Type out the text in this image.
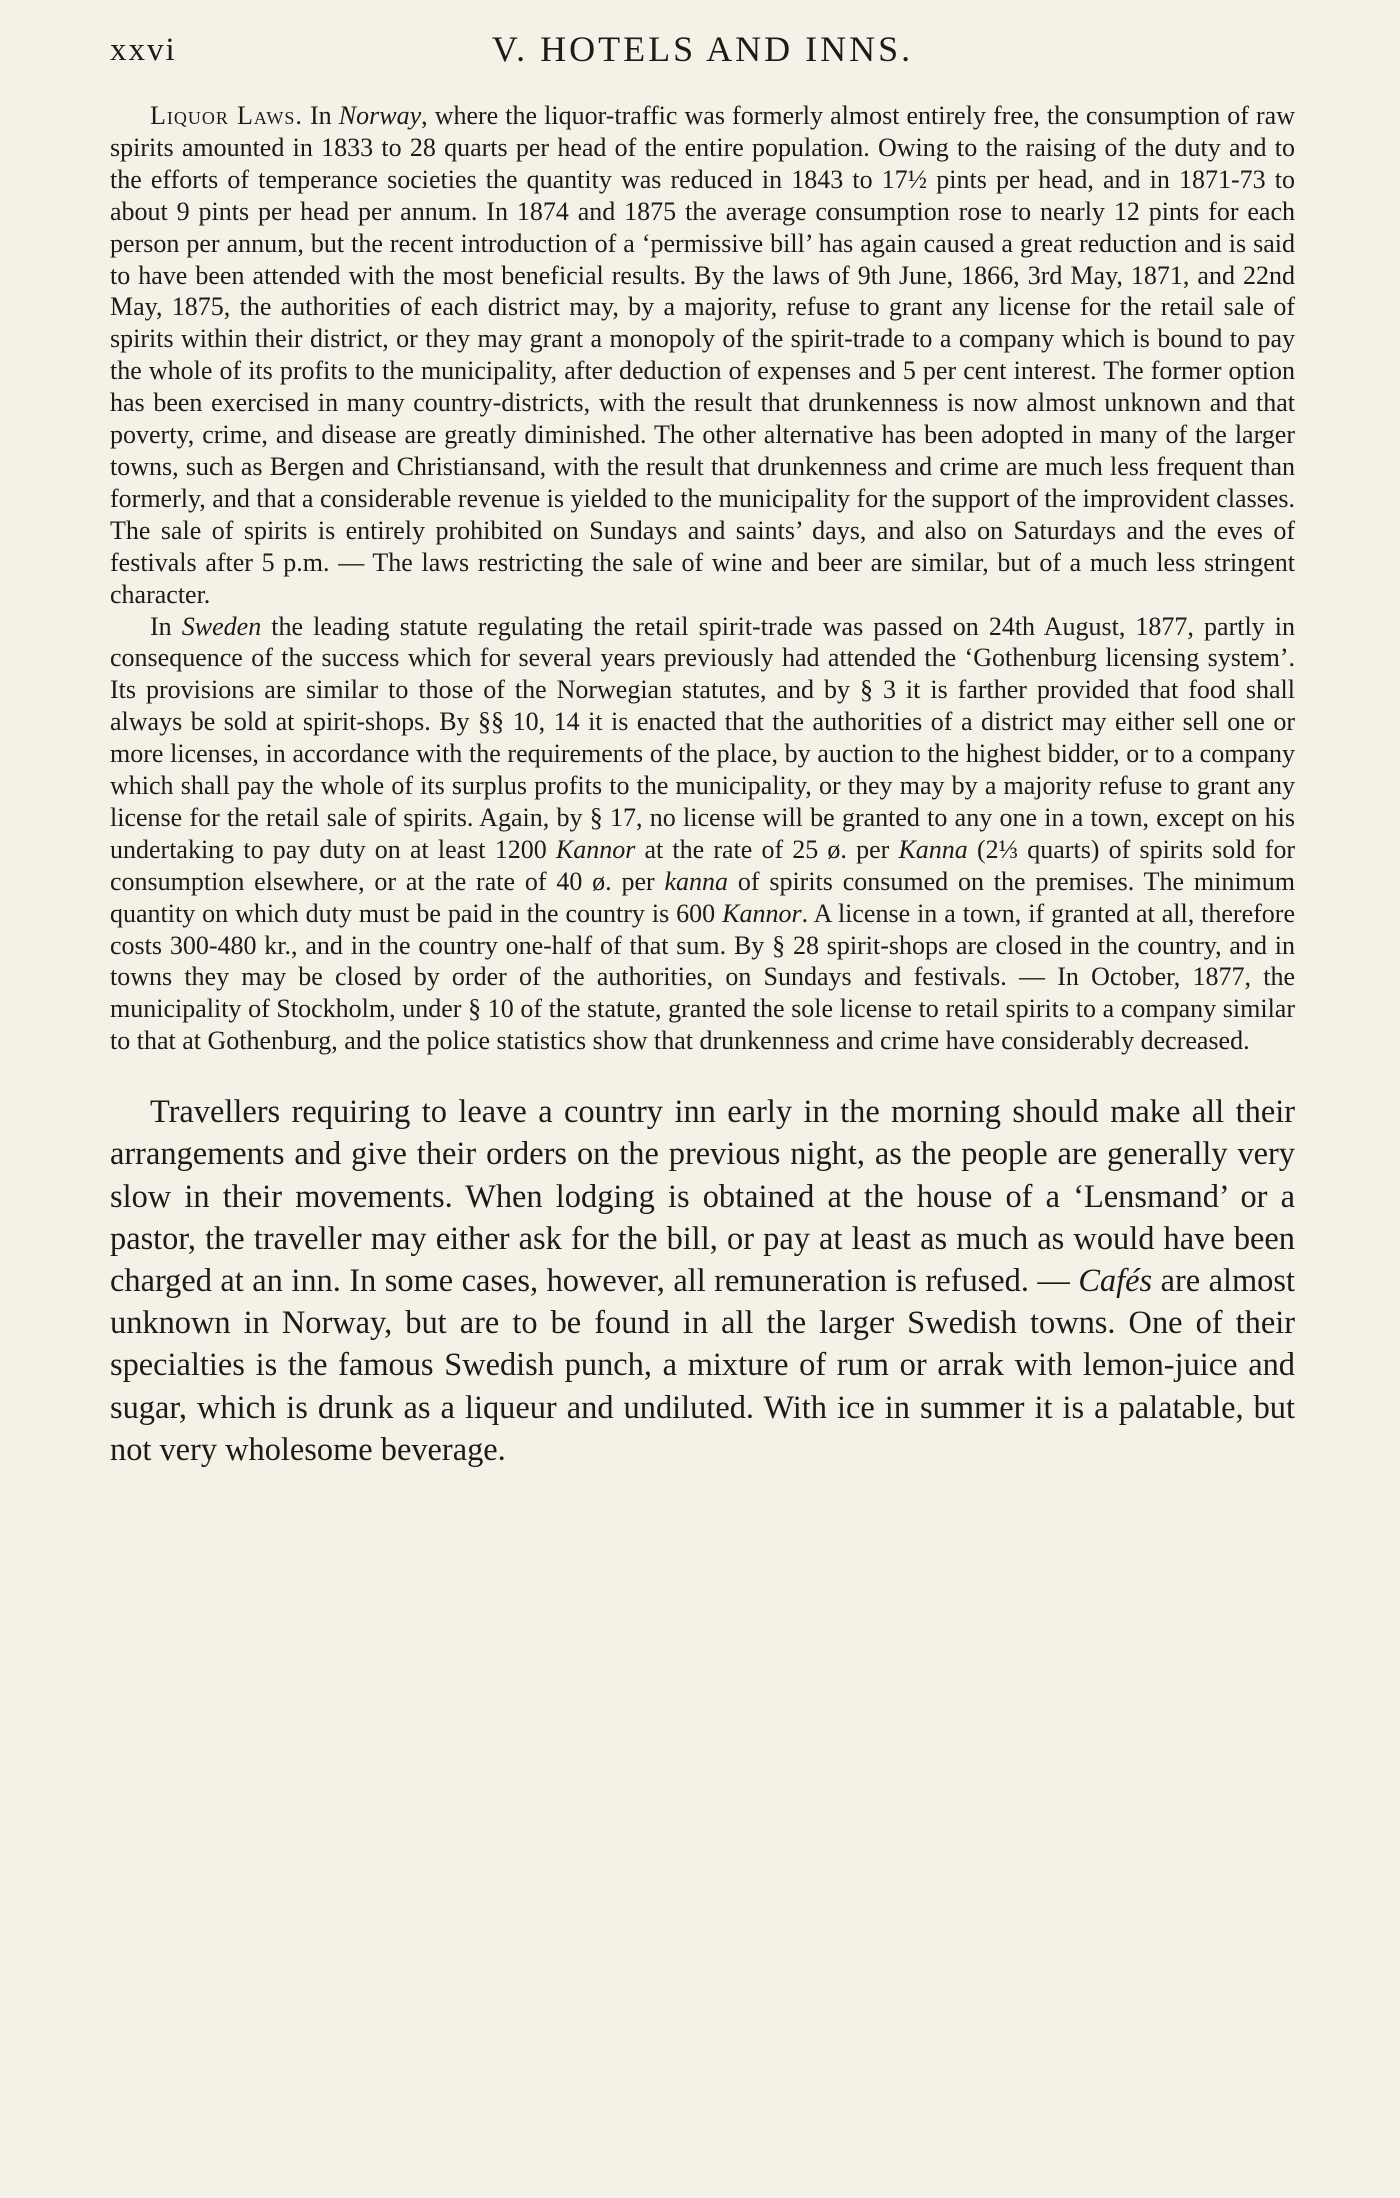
xxvi	V. HOTELS AND INNS.

Liquor Laws. In Norway, where the liquor-traffic was formerly almost entirely free, the consumption of raw spirits amounted in 1833 to 28 quarts per head of the entire population. Owing to the raising of the duty and to the efforts of temperance societies the quantity was reduced in 1843 to 17½ pints per head, and in 1871-73 to about 9 pints per head per annum. In 1874 and 1875 the average consumption rose to nearly 12 pints for each person per annum, but the recent introduction of a ‘permissive bill’ has again caused a great reduction and is said to have been attended with the most beneficial results. By the laws of 9th June, 1866, 3rd May, 1871, and 22nd May, 1875, the authorities of each district may, by a majority, refuse to grant any license for the retail sale of spirits within their district, or they may grant a monopoly of the spirit-trade to a company which is bound to pay the whole of its profits to the municipality, after deduction of expenses and 5 per cent interest. The former option has been exercised in many country-districts, with the result that drunkenness is now almost unknown and that poverty, crime, and disease are greatly diminished. The other alternative has been adopted in many of the larger towns, such as Bergen and Christiansand, with the result that drunkenness and crime are much less frequent than formerly, and that a considerable revenue is yielded to the municipality for the support of the improvident classes. The sale of spirits is entirely prohibited on Sundays and saints’ days, and also on Saturdays and the eves of festivals after 5 p.m. — The laws restricting the sale of wine and beer are similar, but of a much less stringent character.

In Sweden the leading statute regulating the retail spirit-trade was passed on 24th August, 1877, partly in consequence of the success which for several years previously had attended the ‘Gothenburg licensing system’. Its provisions are similar to those of the Norwegian statutes, and by § 3 it is farther provided that food shall always be sold at spirit-shops. By §§ 10, 14 it is enacted that the authorities of a district may either sell one or more licenses, in accordance with the requirements of the place, by auction to the highest bidder, or to a company which shall pay the whole of its surplus profits to the municipality, or they may by a majority refuse to grant any license for the retail sale of spirits. Again, by § 17, no license will be granted to any one in a town, except on his undertaking to pay duty on at least 1200 Kannor at the rate of 25 ø. per Kanna (2⅓ quarts) of spirits sold for consumption elsewhere, or at the rate of 40 ø. per kanna of spirits consumed on the premises. The minimum quantity on which duty must be paid in the country is 600 Kannor. A license in a town, if granted at all, therefore costs 300-480 kr., and in the country one-half of that sum. By § 28 spirit-shops are closed in the country, and in towns they may be closed by order of the authorities, on Sundays and festivals. — In October, 1877, the municipality of Stockholm, under § 10 of the statute, granted the sole license to retail spirits to a company similar to that at Gothenburg, and the police statistics show that drunkenness and crime have considerably decreased.

Travellers requiring to leave a country inn early in the morning should make all their arrangements and give their orders on the previous night, as the people are generally very slow in their movements. When lodging is obtained at the house of a ‘Lensmand’ or a pastor, the traveller may either ask for the bill, or pay at least as much as would have been charged at an inn. In some cases, however, all remuneration is refused. — Cafés are almost unknown in Norway, but are to be found in all the larger Swedish towns. One of their specialties is the famous Swedish punch, a mixture of rum or arrak with lemon-juice and sugar, which is drunk as a liqueur and undiluted. With ice in summer it is a palatable, but not very wholesome beverage.
